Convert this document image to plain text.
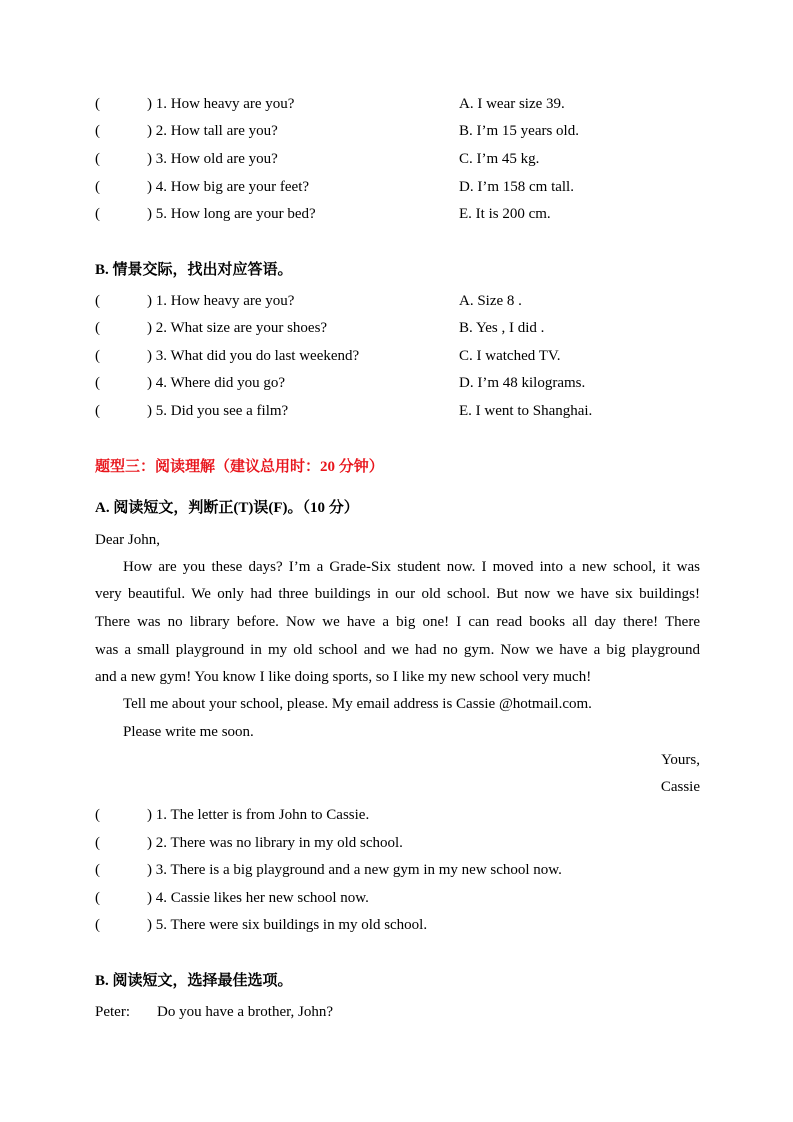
(	) 1. How heavy are you?	A. I wear size 39.
(	) 2. How tall are you?	B. I’m 15 years old.
(	) 3. How old are you?	C. I’m 45 kg.
(	) 4. How big are your feet?	D. I’m 158 cm tall.
(	) 5. How long are your bed?	E. It is 200 cm.
B. 情景交际，找出对应答语。
(	) 1. How heavy are you?	A. Size 8 .
(	) 2. What size are your shoes?	B. Yes , I did .
(	) 3. What did you do last weekend?	C. I watched TV.
(	) 4. Where did you go?	D. I’m 48 kilograms.
(	) 5. Did you see a film?	E. I went to Shanghai.
题型三：阅读理解（建议总用时：20 分钟）
A. 阅读短文，判断正(T)误(F)。（10 分）
Dear John,
How are you these days? I’m a Grade-Six student now. I moved into a new school, it was
very beautiful. We only had three buildings in our old school. But now we have six buildings!
There was no library before. Now we have a big one! I can read books all day there! There
was a small playground in my old school and we had no gym. Now we have a big playground
and a new gym! You know I like doing sports, so I like my new school very much!
Tell me about your school, please. My email address is Cassie @hotmail.com.
Please write me soon.
Yours,
Cassie
(	) 1. The letter is from John to Cassie.
(	) 2. There was no library in my old school.
(	) 3. There is a big playground and a new gym in my new school now.
(	) 4. Cassie likes her new school now.
(	) 5. There were six buildings in my old school.
B. 阅读短文，选择最佳选项。
Peter: Do you have a brother, John?
